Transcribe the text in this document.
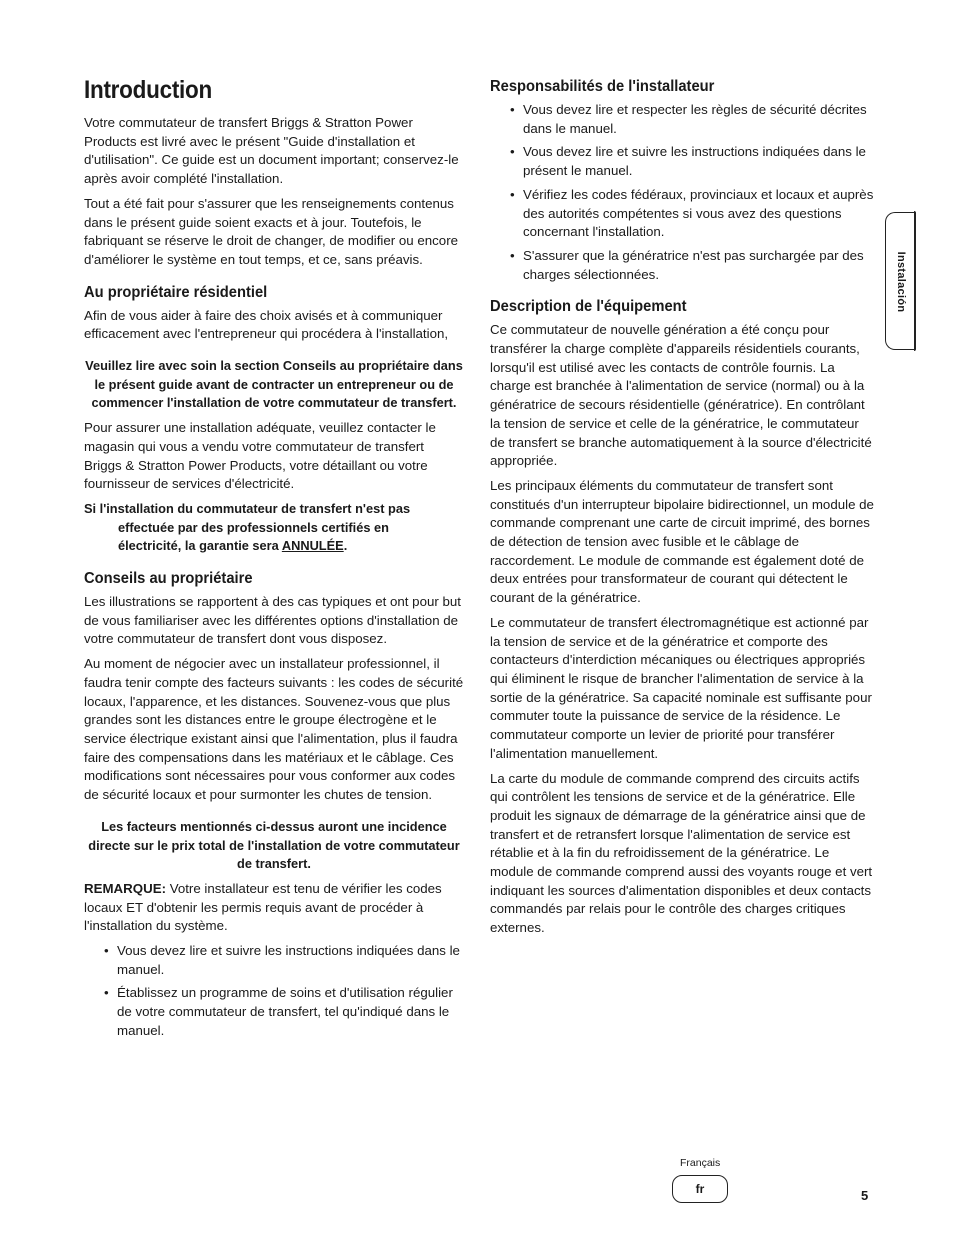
Introduction

Votre commutateur de transfert Briggs & Stratton Power Products est livré avec le présent "Guide d'installation et d'utilisation". Ce guide est un document important; conservez-le après avoir complété l'installation.

Tout a été fait pour s'assurer que les renseignements contenus dans le présent guide soient exacts et à jour. Toutefois, le fabriquant se réserve le droit de changer, de modifier ou encore d'améliorer le système en tout temps, et ce, sans préavis.

Au propriétaire résidentiel

Afin de vous aider à faire des choix avisés et à communiquer efficacement avec l'entrepreneur qui procédera à l'installation,

Veuillez lire avec soin la section Conseils au propriétaire dans le présent guide avant de contracter un entrepreneur ou de commencer l'installation de votre commutateur de transfert.

Pour assurer une installation adéquate, veuillez contacter le magasin qui vous a vendu votre commutateur de transfert Briggs & Stratton Power Products, votre détaillant ou votre fournisseur de services d'électricité.

Si l'installation du commutateur de transfert n'est pas
effectuée par des professionnels certifiés en
électricité, la garantie sera ANNULÉE.

Conseils au propriétaire

Les illustrations se rapportent à des cas typiques et ont pour but de vous familiariser avec les différentes options d'installation de votre commutateur de transfert dont vous disposez.

Au moment de négocier avec un installateur professionnel, il faudra tenir compte des facteurs suivants : les codes de sécurité locaux, l'apparence, et les distances. Souvenez-vous que plus grandes sont les distances entre le groupe électrogène et le service électrique existant ainsi que l'alimentation, plus il faudra faire des compensations dans les matériaux et le câblage. Ces modifications sont nécessaires pour vous conformer aux codes de sécurité locaux et pour surmonter les chutes de tension.

Les facteurs mentionnés ci-dessus auront une incidence directe sur le prix total de l'installation de votre commutateur de transfert.

REMARQUE: Votre installateur est tenu de vérifier les codes locaux ET d'obtenir les permis requis avant de procéder à l'installation du système.

• Vous devez lire et suivre les instructions indiquées dans le manuel.
• Établissez un programme de soins et d'utilisation régulier de votre commutateur de transfert, tel qu'indiqué dans le manuel.
Responsabilités de l'installateur
• Vous devez lire et respecter les règles de sécurité décrites dans le manuel.
• Vous devez lire et suivre les instructions indiquées dans le présent le manuel.
• Vérifiez les codes fédéraux, provinciaux et locaux et auprès des autorités compétentes si vous avez des questions concernant l'installation.
• S'assurer que la génératrice n'est pas surchargée par des charges sélectionnées.
Description de l'équipement

Ce commutateur de nouvelle génération a été conçu pour transférer la charge complète d'appareils résidentiels courants, lorsqu'il est utilisé avec les contacts de contrôle fournis. La charge est branchée à l'alimentation de service (normal) ou à la génératrice de secours résidentielle (génératrice). En contrôlant la tension de service et celle de la génératrice, le commutateur de transfert se branche automatiquement à la source d'électricité appropriée.

Les principaux éléments du commutateur de transfert sont constitués d'un interrupteur bipolaire bidirectionnel, un module de commande comprenant une carte de circuit imprimé, des bornes de détection de tension avec fusible et le câblage de raccordement. Le module de commande est également doté de deux entrées pour transformateur de courant qui détectent le courant de la génératrice.

Le commutateur de transfert électromagnétique est actionné par la tension de service et de la génératrice et comporte des contacteurs d'interdiction mécaniques ou électriques appropriés qui éliminent le risque de brancher l'alimentation de service à la sortie de la génératrice. Sa capacité nominale est suffisante pour commuter toute la puissance de service de la résidence. Le commutateur comporte un levier de priorité pour transférer l'alimentation manuellement.

La carte du module de commande comprend des circuits actifs qui contrôlent les tensions de service et de la génératrice. Elle produit les signaux de démarrage de la génératrice ainsi que de transfert et de retransfert lorsque l'alimentation de service est rétablie et à la fin du refroidissement de la génératrice. Le module de commande comprend aussi des voyants rouge et vert indiquant les sources d'alimentation disponibles et deux contacts commandés par relais pour le contrôle des charges critiques externes.

Instalación
Français
fr	5
